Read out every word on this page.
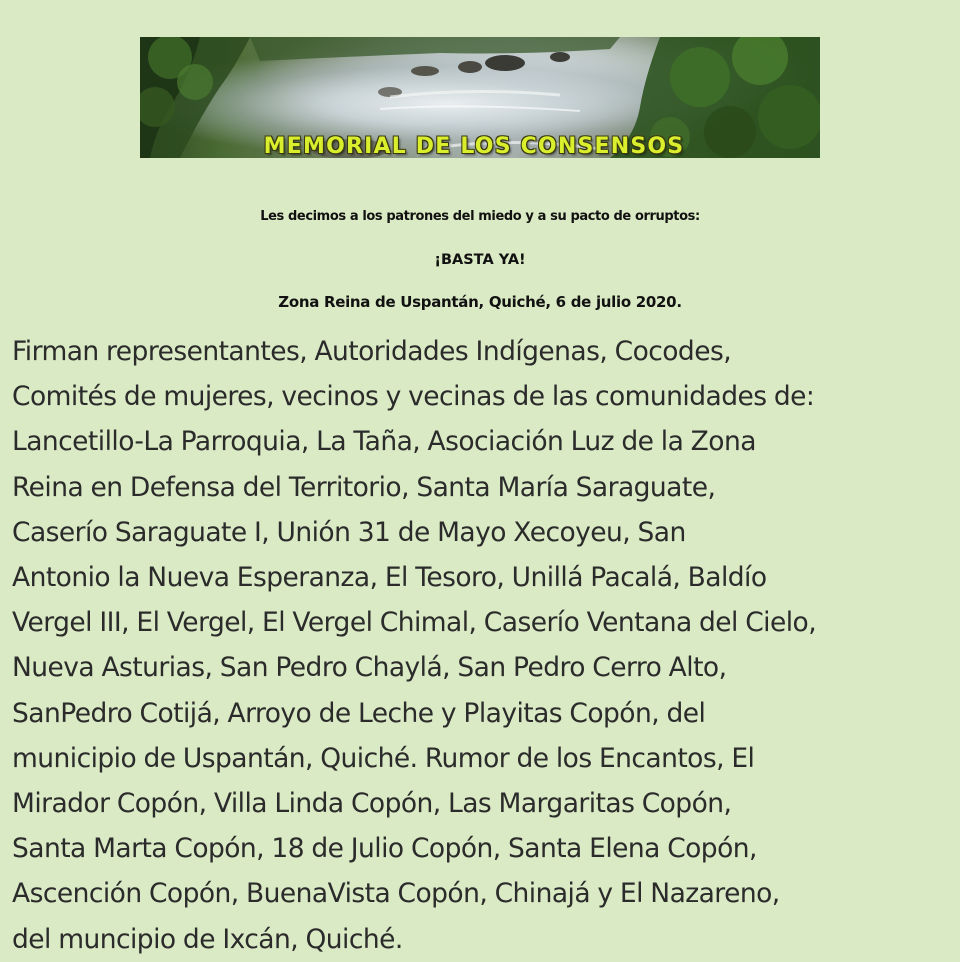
MEMORIAL DE LOS CONSENSOS

Les decimos a los patrones del miedo y a su pacto de orruptos:

¡BASTA YA!

Zona Reina de Uspantán, Quiché, 6 de julio 2020.

Firman representantes, Autoridades Indígenas, Cocodes,
Comités de mujeres, vecinos y vecinas de las comunidades de:
Lancetillo-La Parroquia, La Taña, Asociación Luz de la Zona
Reina en Defensa del Territorio, Santa María Saraguate,
Caserío Saraguate I, Unión 31 de Mayo Xecoyeu, San
Antonio la Nueva Esperanza, El Tesoro, Unillá Pacalá, Baldío
Vergel III, El Vergel, El Vergel Chimal, Caserío Ventana del Cielo,
Nueva Asturias, San Pedro Chaylá, San Pedro Cerro Alto,
SanPedro Cotijá, Arroyo de Leche y Playitas Copón, del
municipio de Uspantán, Quiché. Rumor de los Encantos, El
Mirador Copón, Villa Linda Copón, Las Margaritas Copón,
Santa Marta Copón, 18 de Julio Copón, Santa Elena Copón,
Ascención Copón, BuenaVista Copón, Chinajá y El Nazareno,
del muncipio de Ixcán, Quiché.
